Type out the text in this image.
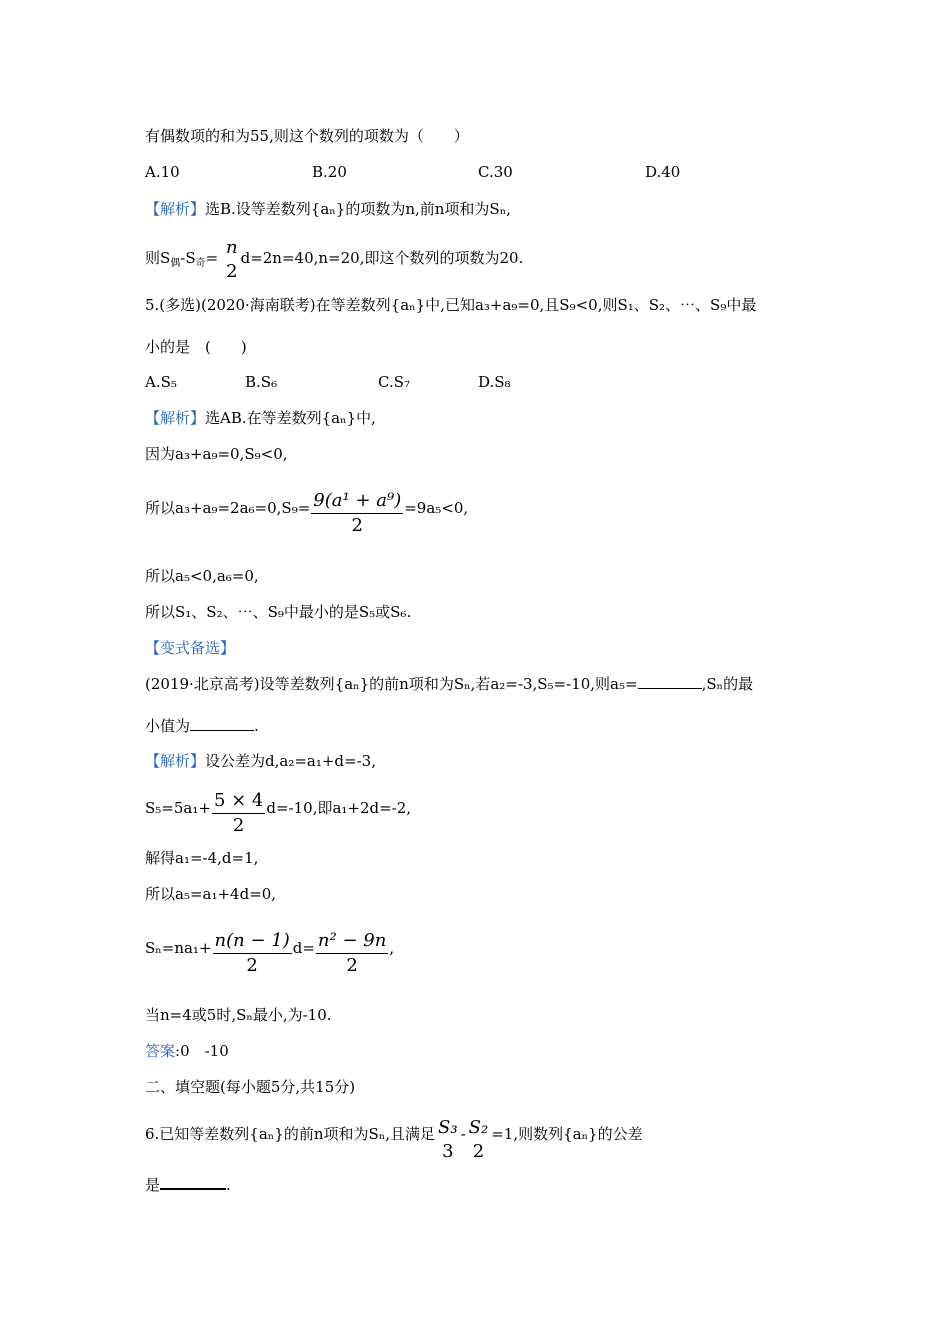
有偶数项的和为55,则这个数列的项数为（　　）
A.10	B.20	C.30	D.40
【解析】选B.设等差数列{aₙ}的项数为n,前n项和为Sₙ,
则$S_偶-S_奇= n$
2
d=2n=40,n=20,即这个数列的项数为20.
5.(多选)(2020·海南联考)在等差数列{aₙ}中,已知a₃+a₉=0,且S₉<0,则S₁、S₂、⋯、S₉中最
小的是　(　　)
A.S₅	B.S₆	C.S₇	D.S₈
【解析】选AB.在等差数列{aₙ}中,
因为a₃+a₉=0,S₉<0,
所以$a_3+a_9=2a_6=0,S_9= \frac{\text{9(a¹ + a⁹)}}{2} =9a_5<0$,
所以a₅<0,a₆=0,
所以S₁、S₂、⋯、S₉中最小的是S₅或S₆.
【变式备选】
(2019·北京高考)设等差数列{aₙ}的前n项和为Sₙ,若a₂=-3,S₅=-10,则a₅=	,Sₙ的最
小值为	.
【解析】设公差为d,a₂=a₁+d=-3,
$S_5=5a_1+ \frac{5 \times 4}{2} d=-10$,即a₁+2d=-2,
解得a₁=-4,d=1,
所以a₅=a₁+4d=0,
$S_n=na_1+ \frac{n(n - 1)}{2} d= \frac{\text{n² − 9n}}{2}$ ,
当n=4或5时,Sₙ最小,为-10.
答案:0　-10
二、填空题(每小题5分,共15分)
6.已知等差数列{aₙ}的前n项和为Sₙ,且满足 S₃
3
- S₂
2
=1,则数列{aₙ}的公差
是	.
